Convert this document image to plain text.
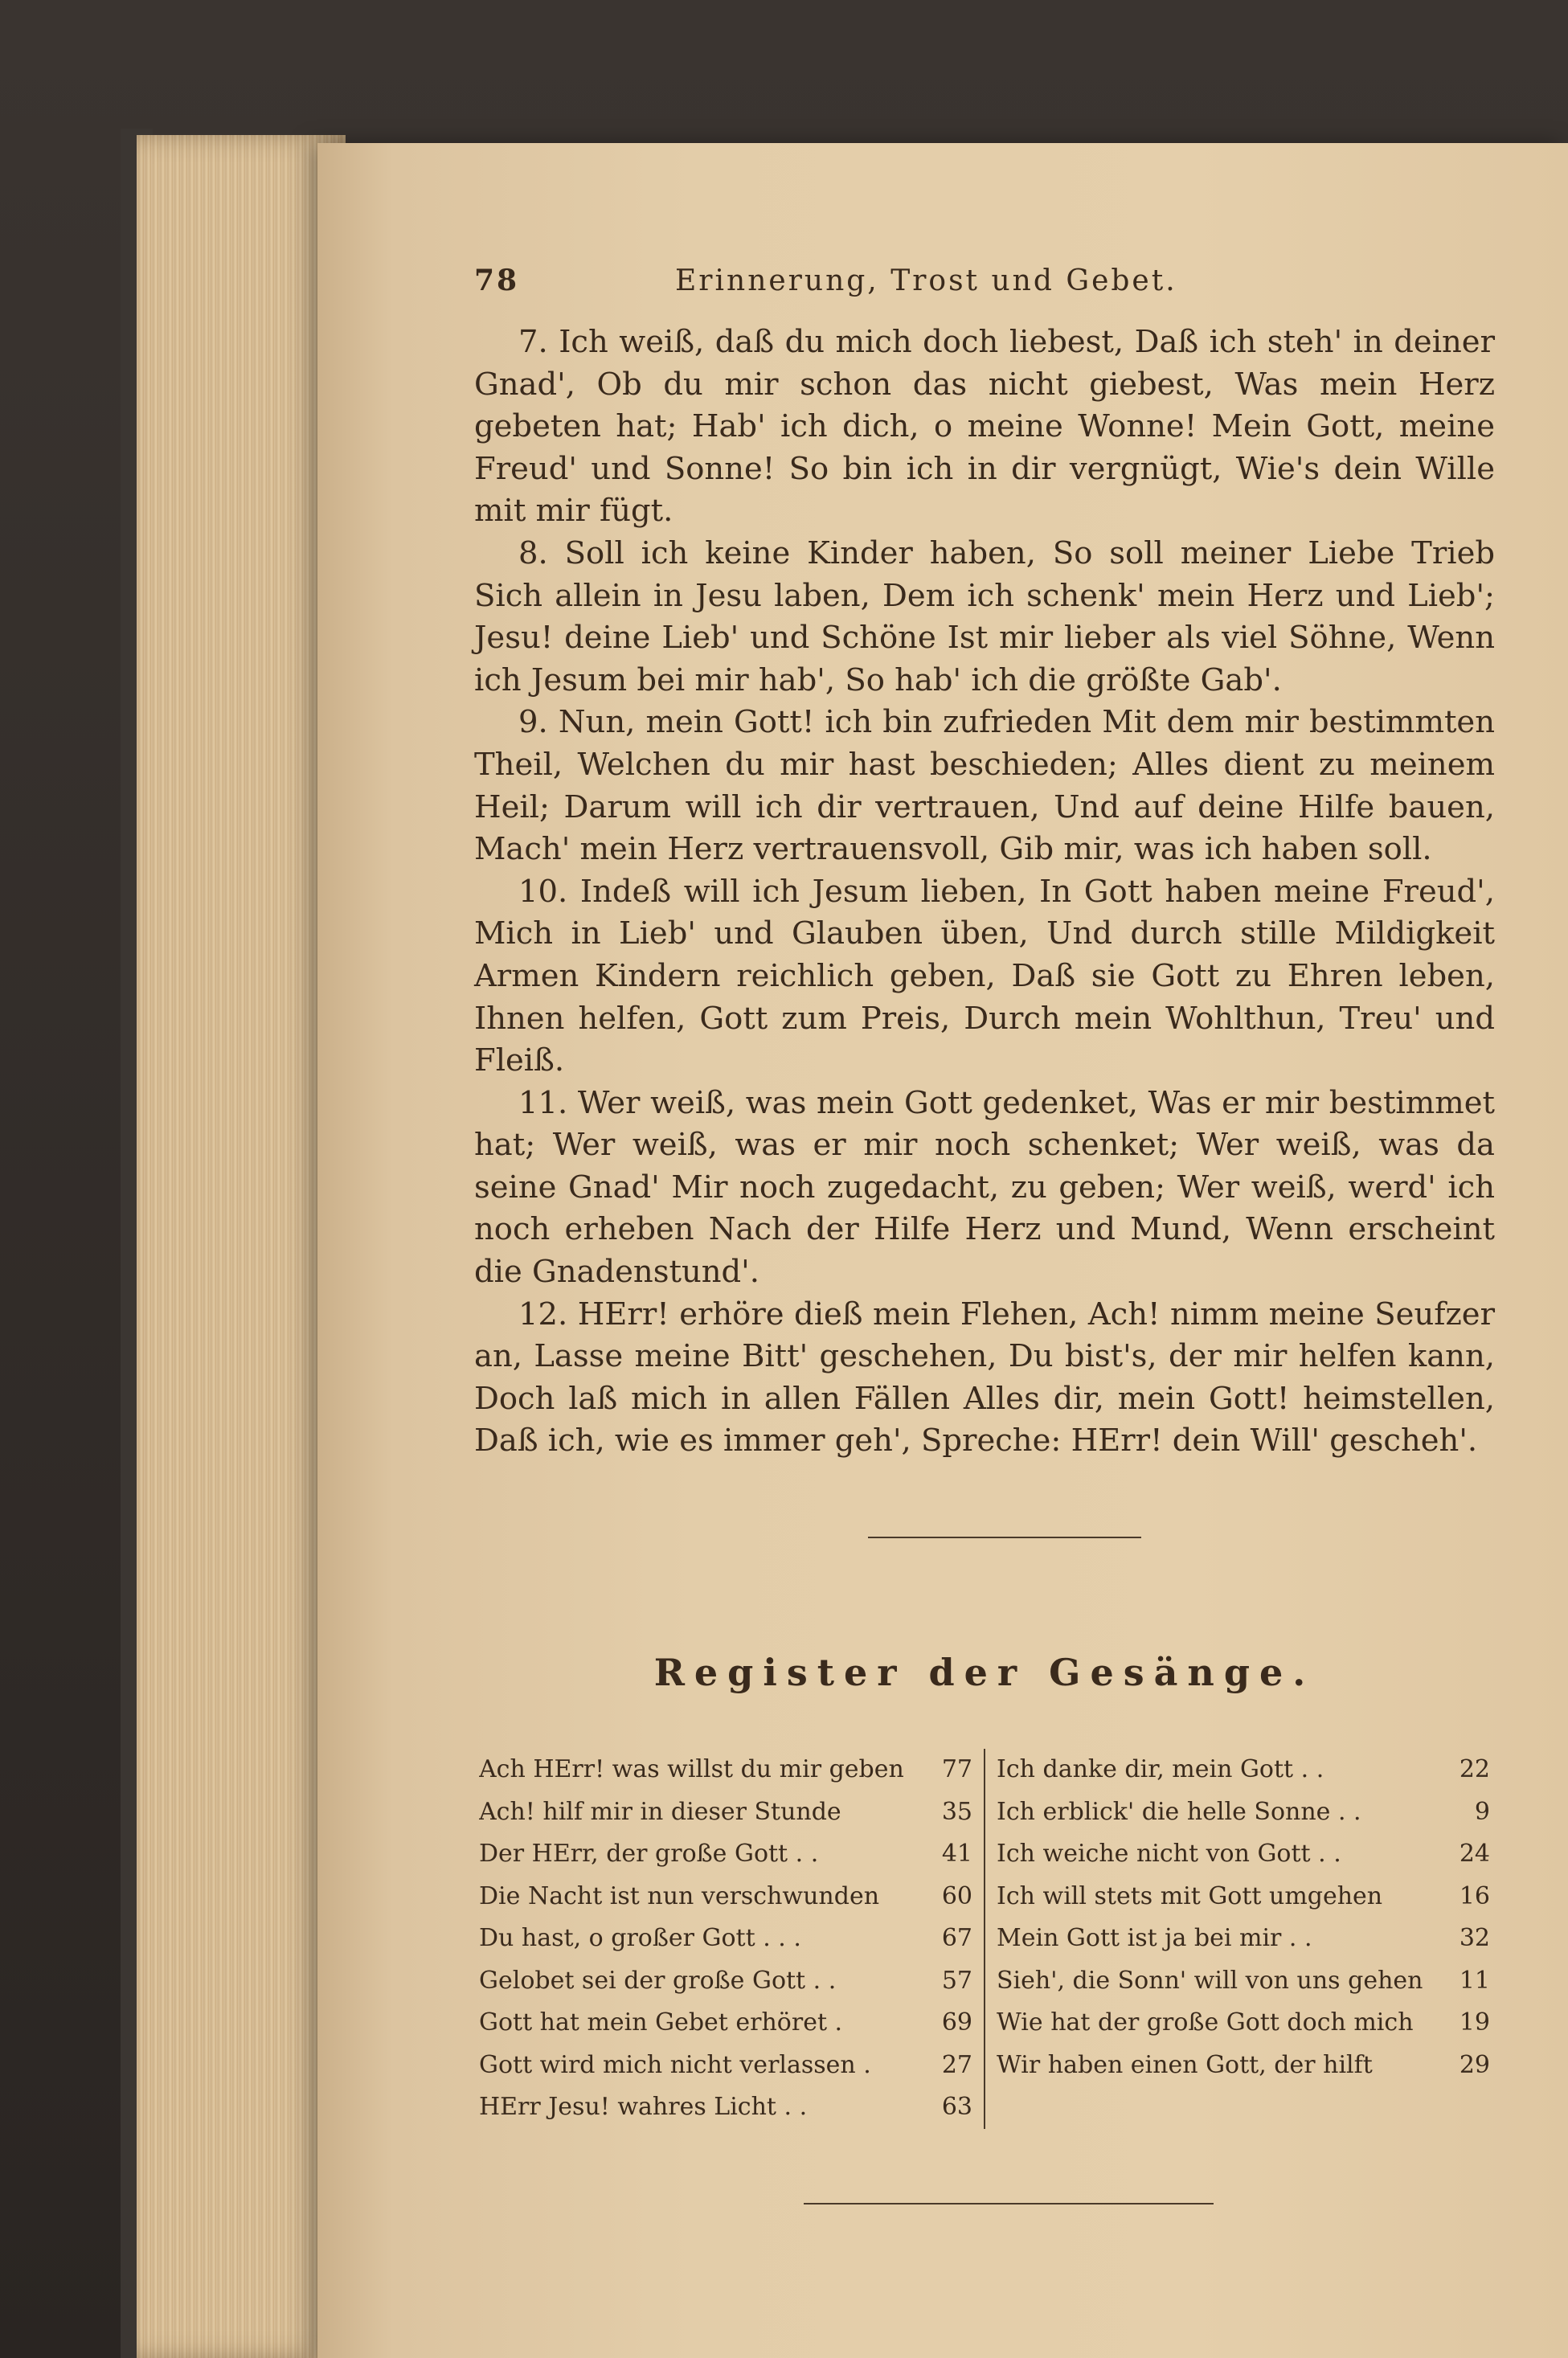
78	Erinnerung, Trost und Gebet.

7. Ich weiß, daß du mich doch liebest, Daß ich steh' in deiner Gnad', Ob du mir schon das nicht giebest, Was mein Herz gebeten hat; Hab' ich dich, o meine Wonne! Mein Gott, meine Freud' und Sonne! So bin ich in dir vergnügt, Wie's dein Wille mit mir fügt.

8. Soll ich keine Kinder haben, So soll meiner Liebe Trieb Sich allein in Jesu laben, Dem ich schenk' mein Herz und Lieb'; Jesu! deine Lieb' und Schöne Ist mir lieber als viel Söhne, Wenn ich Jesum bei mir hab', So hab' ich die größte Gab'.

9. Nun, mein Gott! ich bin zufrieden Mit dem mir bestimmten Theil, Welchen du mir hast beschieden; Alles dient zu meinem Heil; Darum will ich dir vertrauen, Und auf deine Hilfe bauen, Mach' mein Herz vertrauensvoll, Gib mir, was ich haben soll.

10. Indeß will ich Jesum lieben, In Gott haben meine Freud', Mich in Lieb' und Glauben üben, Und durch stille Mildigkeit Armen Kindern reichlich geben, Daß sie Gott zu Ehren leben, Ihnen helfen, Gott zum Preis, Durch mein Wohlthun, Treu' und Fleiß.

11. Wer weiß, was mein Gott gedenket, Was er mir bestimmet hat; Wer weiß, was er mir noch schenket; Wer weiß, was da seine Gnad' Mir noch zugedacht, zu geben; Wer weiß, werd' ich noch erheben Nach der Hilfe Herz und Mund, Wenn erscheint die Gnadenstund'.

12. HErr! erhöre dieß mein Flehen, Ach! nimm meine Seufzer an, Lasse meine Bitt' geschehen, Du bist's, der mir helfen kann, Doch laß mich in allen Fällen Alles dir, mein Gott! heimstellen, Daß ich, wie es immer geh', Spreche: HErr! dein Will' gescheh'.

Register der Gesänge.
Ach HErr! was willst du mir geben	77
Ach! hilf mir in dieser Stunde	35
Der HErr, der große Gott . .	41
Die Nacht ist nun verschwunden	60
Du hast, o großer Gott . . .	67
Gelobet sei der große Gott . .	57
Gott hat mein Gebet erhöret .	69
Gott wird mich nicht verlassen .	27
HErr Jesu! wahres Licht . .	63
Ich danke dir, mein Gott . .	22
Ich erblick' die helle Sonne . .	9
Ich weiche nicht von Gott . .	24
Ich will stets mit Gott umgehen	16
Mein Gott ist ja bei mir . .	32
Sieh', die Sonn' will von uns gehen	11
Wie hat der große Gott doch mich	19
Wir haben einen Gott, der hilft	29
